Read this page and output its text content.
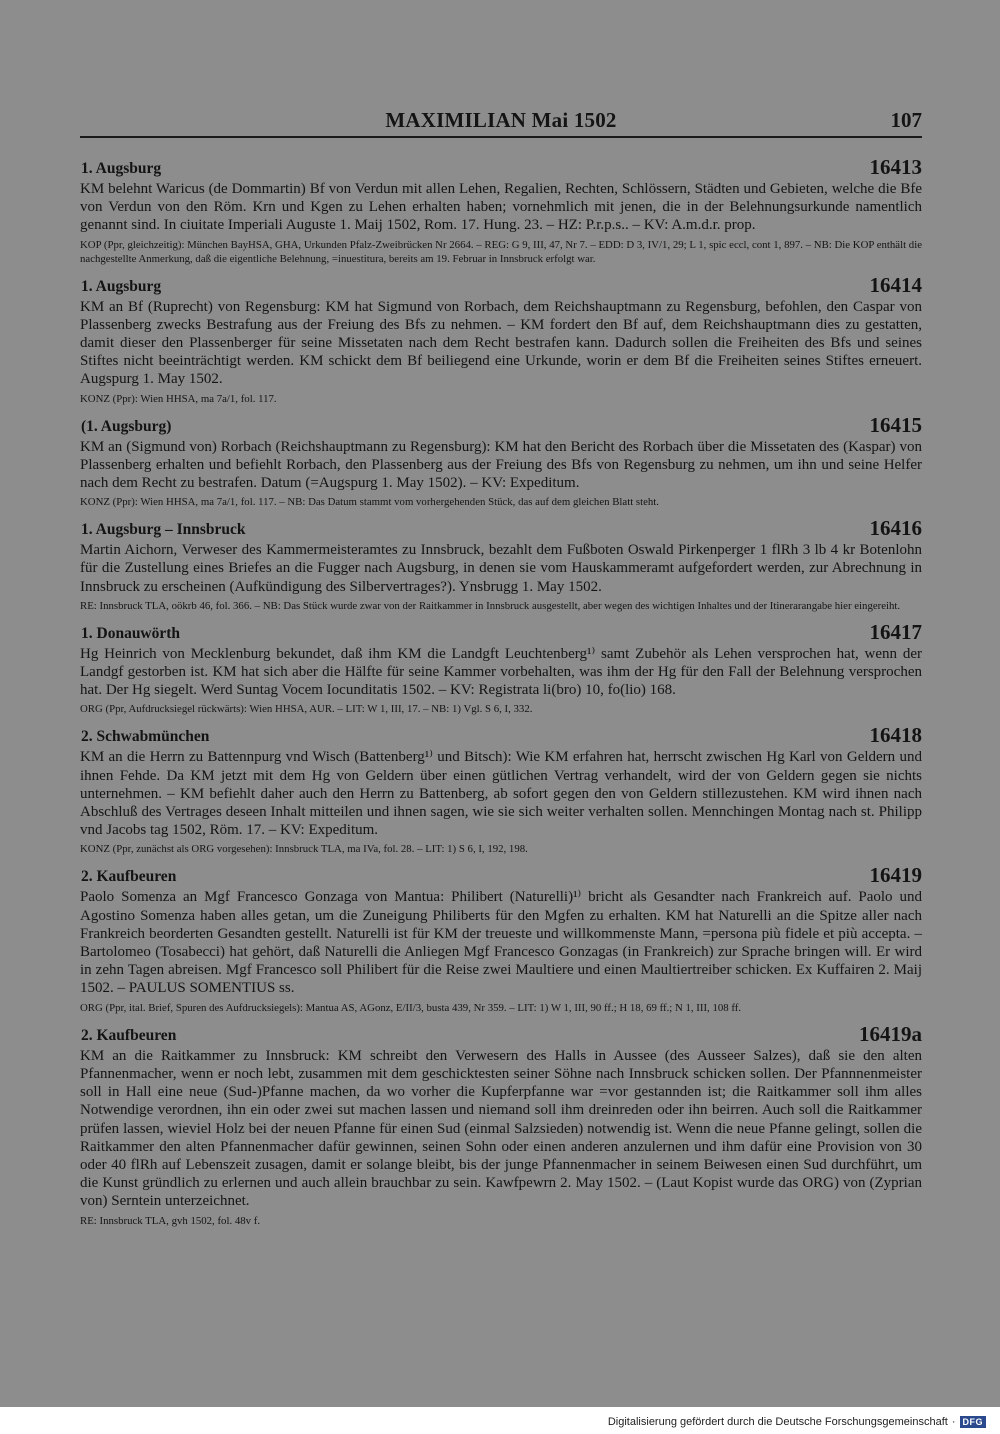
MAXIMILIAN Mai 1502	107
1. Augsburg	16413
KM belehnt Waricus (de Dommartin) Bf von Verdun mit allen Lehen, Regalien, Rechten, Schlössern, Städten und Gebieten, welche die Bfe von Verdun von den Röm. Krn und Kgen zu Lehen erhalten haben; vornehmlich mit jenen, die in der Belehnungsurkunde namentlich genannt sind. In ciuitate Imperiali Auguste 1. Maij 1502, Rom. 17. Hung. 23. – HZ: P.r.p.s.. – KV: A.m.d.r. prop.
KOP (Ppr, gleichzeitig): München BayHSA, GHA, Urkunden Pfalz-Zweibrücken Nr 2664. – REG: G 9, III, 47, Nr 7. – EDD: D 3, IV/1, 29; L 1, spic eccl, cont 1, 897. – NB: Die KOP enthält die nachgestellte Anmerkung, daß die eigentliche Belehnung, =inuestitura, bereits am 19. Februar in Innsbruck erfolgt war.
1. Augsburg	16414
KM an Bf (Ruprecht) von Regensburg: KM hat Sigmund von Rorbach, dem Reichshauptmann zu Regensburg, befohlen, den Caspar von Plassenberg zwecks Bestrafung aus der Freiung des Bfs zu nehmen. – KM fordert den Bf auf, dem Reichshauptmann dies zu gestatten, damit dieser den Plassenberger für seine Missetaten nach dem Recht bestrafen kann. Dadurch sollen die Freiheiten des Bfs und seines Stiftes nicht beeinträchtigt werden. KM schickt dem Bf beiliegend eine Urkunde, worin er dem Bf die Freiheiten seines Stiftes erneuert. Augspurg 1. May 1502.
KONZ (Ppr): Wien HHSA, ma 7a/1, fol. 117.
(1. Augsburg)	16415
KM an (Sigmund von) Rorbach (Reichshauptmann zu Regensburg): KM hat den Bericht des Rorbach über die Missetaten des (Kaspar) von Plassenberg erhalten und befiehlt Rorbach, den Plassenberg aus der Freiung des Bfs von Regensburg zu nehmen, um ihn und seine Helfer nach dem Recht zu bestrafen. Datum (=Augspurg 1. May 1502). – KV: Expeditum.
KONZ (Ppr): Wien HHSA, ma 7a/1, fol. 117. – NB: Das Datum stammt vom vorhergehenden Stück, das auf dem gleichen Blatt steht.
1. Augsburg – Innsbruck	16416
Martin Aichorn, Verweser des Kammermeisteramtes zu Innsbruck, bezahlt dem Fußboten Oswald Pirkenperger 1 flRh 3 lb 4 kr Botenlohn für die Zustellung eines Briefes an die Fugger nach Augsburg, in denen sie vom Hauskammeramt aufgefordert werden, zur Abrechnung in Innsbruck zu erscheinen (Aufkündigung des Silbervertrages?). Ynsbrugg 1. May 1502.
RE: Innsbruck TLA, oökrb 46, fol. 366. – NB: Das Stück wurde zwar von der Raitkammer in Innsbruck ausgestellt, aber wegen des wichtigen Inhaltes und der Itinerarangabe hier eingereiht.
1. Donauwörth	16417
Hg Heinrich von Mecklenburg bekundet, daß ihm KM die Landgft Leuchtenberg¹⁾ samt Zubehör als Lehen versprochen hat, wenn der Landgf gestorben ist. KM hat sich aber die Hälfte für seine Kammer vorbehalten, was ihm der Hg für den Fall der Belehnung versprochen hat. Der Hg siegelt. Werd Suntag Vocem Iocunditatis 1502. – KV: Registrata li(bro) 10, fo(lio) 168.
ORG (Ppr, Aufdrucksiegel rückwärts): Wien HHSA, AUR. – LIT: W 1, III, 17. – NB: 1) Vgl. S 6, I, 332.
2. Schwabmünchen	16418
KM an die Herrn zu Battennpurg vnd Wisch (Battenberg¹⁾ und Bitsch): Wie KM erfahren hat, herrscht zwischen Hg Karl von Geldern und ihnen Fehde. Da KM jetzt mit dem Hg von Geldern über einen gütlichen Vertrag verhandelt, wird der von Geldern gegen sie nichts unternehmen. – KM befiehlt daher auch den Herrn zu Battenberg, ab sofort gegen den von Geldern stillezustehen. KM wird ihnen nach Abschluß des Vertrages deseen Inhalt mitteilen und ihnen sagen, wie sie sich weiter verhalten sollen. Mennchingen Montag nach st. Philipp vnd Jacobs tag 1502, Röm. 17. – KV: Expeditum.
KONZ (Ppr, zunächst als ORG vorgesehen): Innsbruck TLA, ma IVa, fol. 28. – LIT: 1) S 6, I, 192, 198.
2. Kaufbeuren	16419
Paolo Somenza an Mgf Francesco Gonzaga von Mantua: Philibert (Naturelli)¹⁾ bricht als Gesandter nach Frankreich auf. Paolo und Agostino Somenza haben alles getan, um die Zuneigung Philiberts für den Mgfen zu erhalten. KM hat Naturelli an die Spitze aller nach Frankreich beorderten Gesandten gestellt. Naturelli ist für KM der treueste und willkommenste Mann, =persona più fidele et più accepta. – Bartolomeo (Tosabecci) hat gehört, daß Naturelli die Anliegen Mgf Francesco Gonzagas (in Frankreich) zur Sprache bringen will. Er wird in zehn Tagen abreisen. Mgf Francesco soll Philibert für die Reise zwei Maultiere und einen Maultiertreiber schicken. Ex Kuffairen 2. Maij 1502. – PAULUS SOMENTIUS ss.
ORG (Ppr, ital. Brief, Spuren des Aufdrucksiegels): Mantua AS, AGonz, E/II/3, busta 439, Nr 359. – LIT: 1) W 1, III, 90 ff.; H 18, 69 ff.; N 1, III, 108 ff.
2. Kaufbeuren	16419a
KM an die Raitkammer zu Innsbruck: KM schreibt den Verwesern des Halls in Aussee (des Ausseer Salzes), daß sie den alten Pfannenmacher, wenn er noch lebt, zusammen mit dem geschicktesten seiner Söhne nach Innsbruck schicken sollen. Der Pfannnenmeister soll in Hall eine neue (Sud-)Pfanne machen, da wo vorher die Kupferpfanne war =vor gestannden ist; die Raitkammer soll ihm alles Notwendige verordnen, ihn ein oder zwei sut machen lassen und niemand soll ihm dreinreden oder ihn beirren. Auch soll die Raitkammer prüfen lassen, wieviel Holz bei der neuen Pfanne für einen Sud (einmal Salzsieden) notwendig ist. Wenn die neue Pfanne gelingt, sollen die Raitkammer den alten Pfannenmacher dafür gewinnen, seinen Sohn oder einen anderen anzulernen und ihm dafür eine Provision von 30 oder 40 flRh auf Lebenszeit zusagen, damit er solange bleibt, bis der junge Pfannenmacher in seinem Beiwesen einen Sud durchführt, um die Kunst gründlich zu erlernen und auch allein brauchbar zu sein. Kawfpewrn 2. May 1502. – (Laut Kopist wurde das ORG) von (Zyprian von) Serntein unterzeichnet.
RE: Innsbruck TLA, gvh 1502, fol. 48v f.
Digitalisierung gefördert durch die Deutsche Forschungsgemeinschaft · DFG
